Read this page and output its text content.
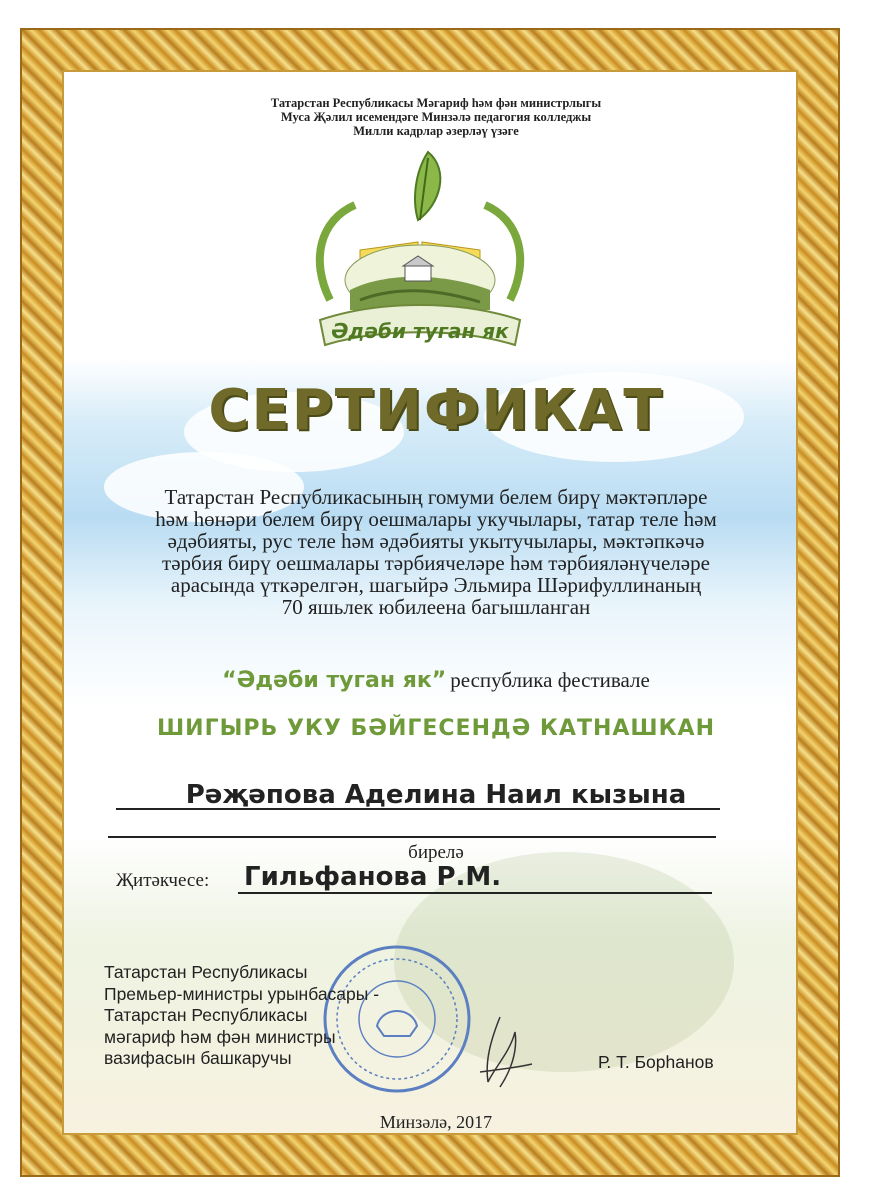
Татарстан Республикасы Мәгариф һәм фән министрлыгы
Муса Җәлил исемендәге Минзәлә педагогия колледжы
Милли кадрлар әзерләү үзәге
Әдәби туган як
СЕРТИФИКАТ
Татарстан Республикасының гомуми белем бирү мәктәпләре
һәм һөнәри белем бирү оешмалары укучылары, татар теле һәм
әдәбияты, рус теле һәм әдәбияты укытучылары, мәктәпкәчә
тәрбия бирү оешмалары тәрбиячеләре һәм тәрбияләнүчеләре
арасында үткәрелгән, шагыйрә Эльмира Шәрифуллинаның
70 яшьлек юбилеена багышланган
“Әдәби туган як” республика фестивале
ШИГЫРЬ УКУ БӘЙГЕСЕНДӘ КАТНАШКАН
Рәҗәпова Аделина Наил кызына
бирелә
Җитәкчесе: Гильфанова Р.М.
Татарстан Республикасы
Премьер-министры урынбасары -
Татарстан Республикасы
мәгариф һәм фән министры
вазифасын башкаручы	Р. Т. Борһанов
Минзәлә, 2017
